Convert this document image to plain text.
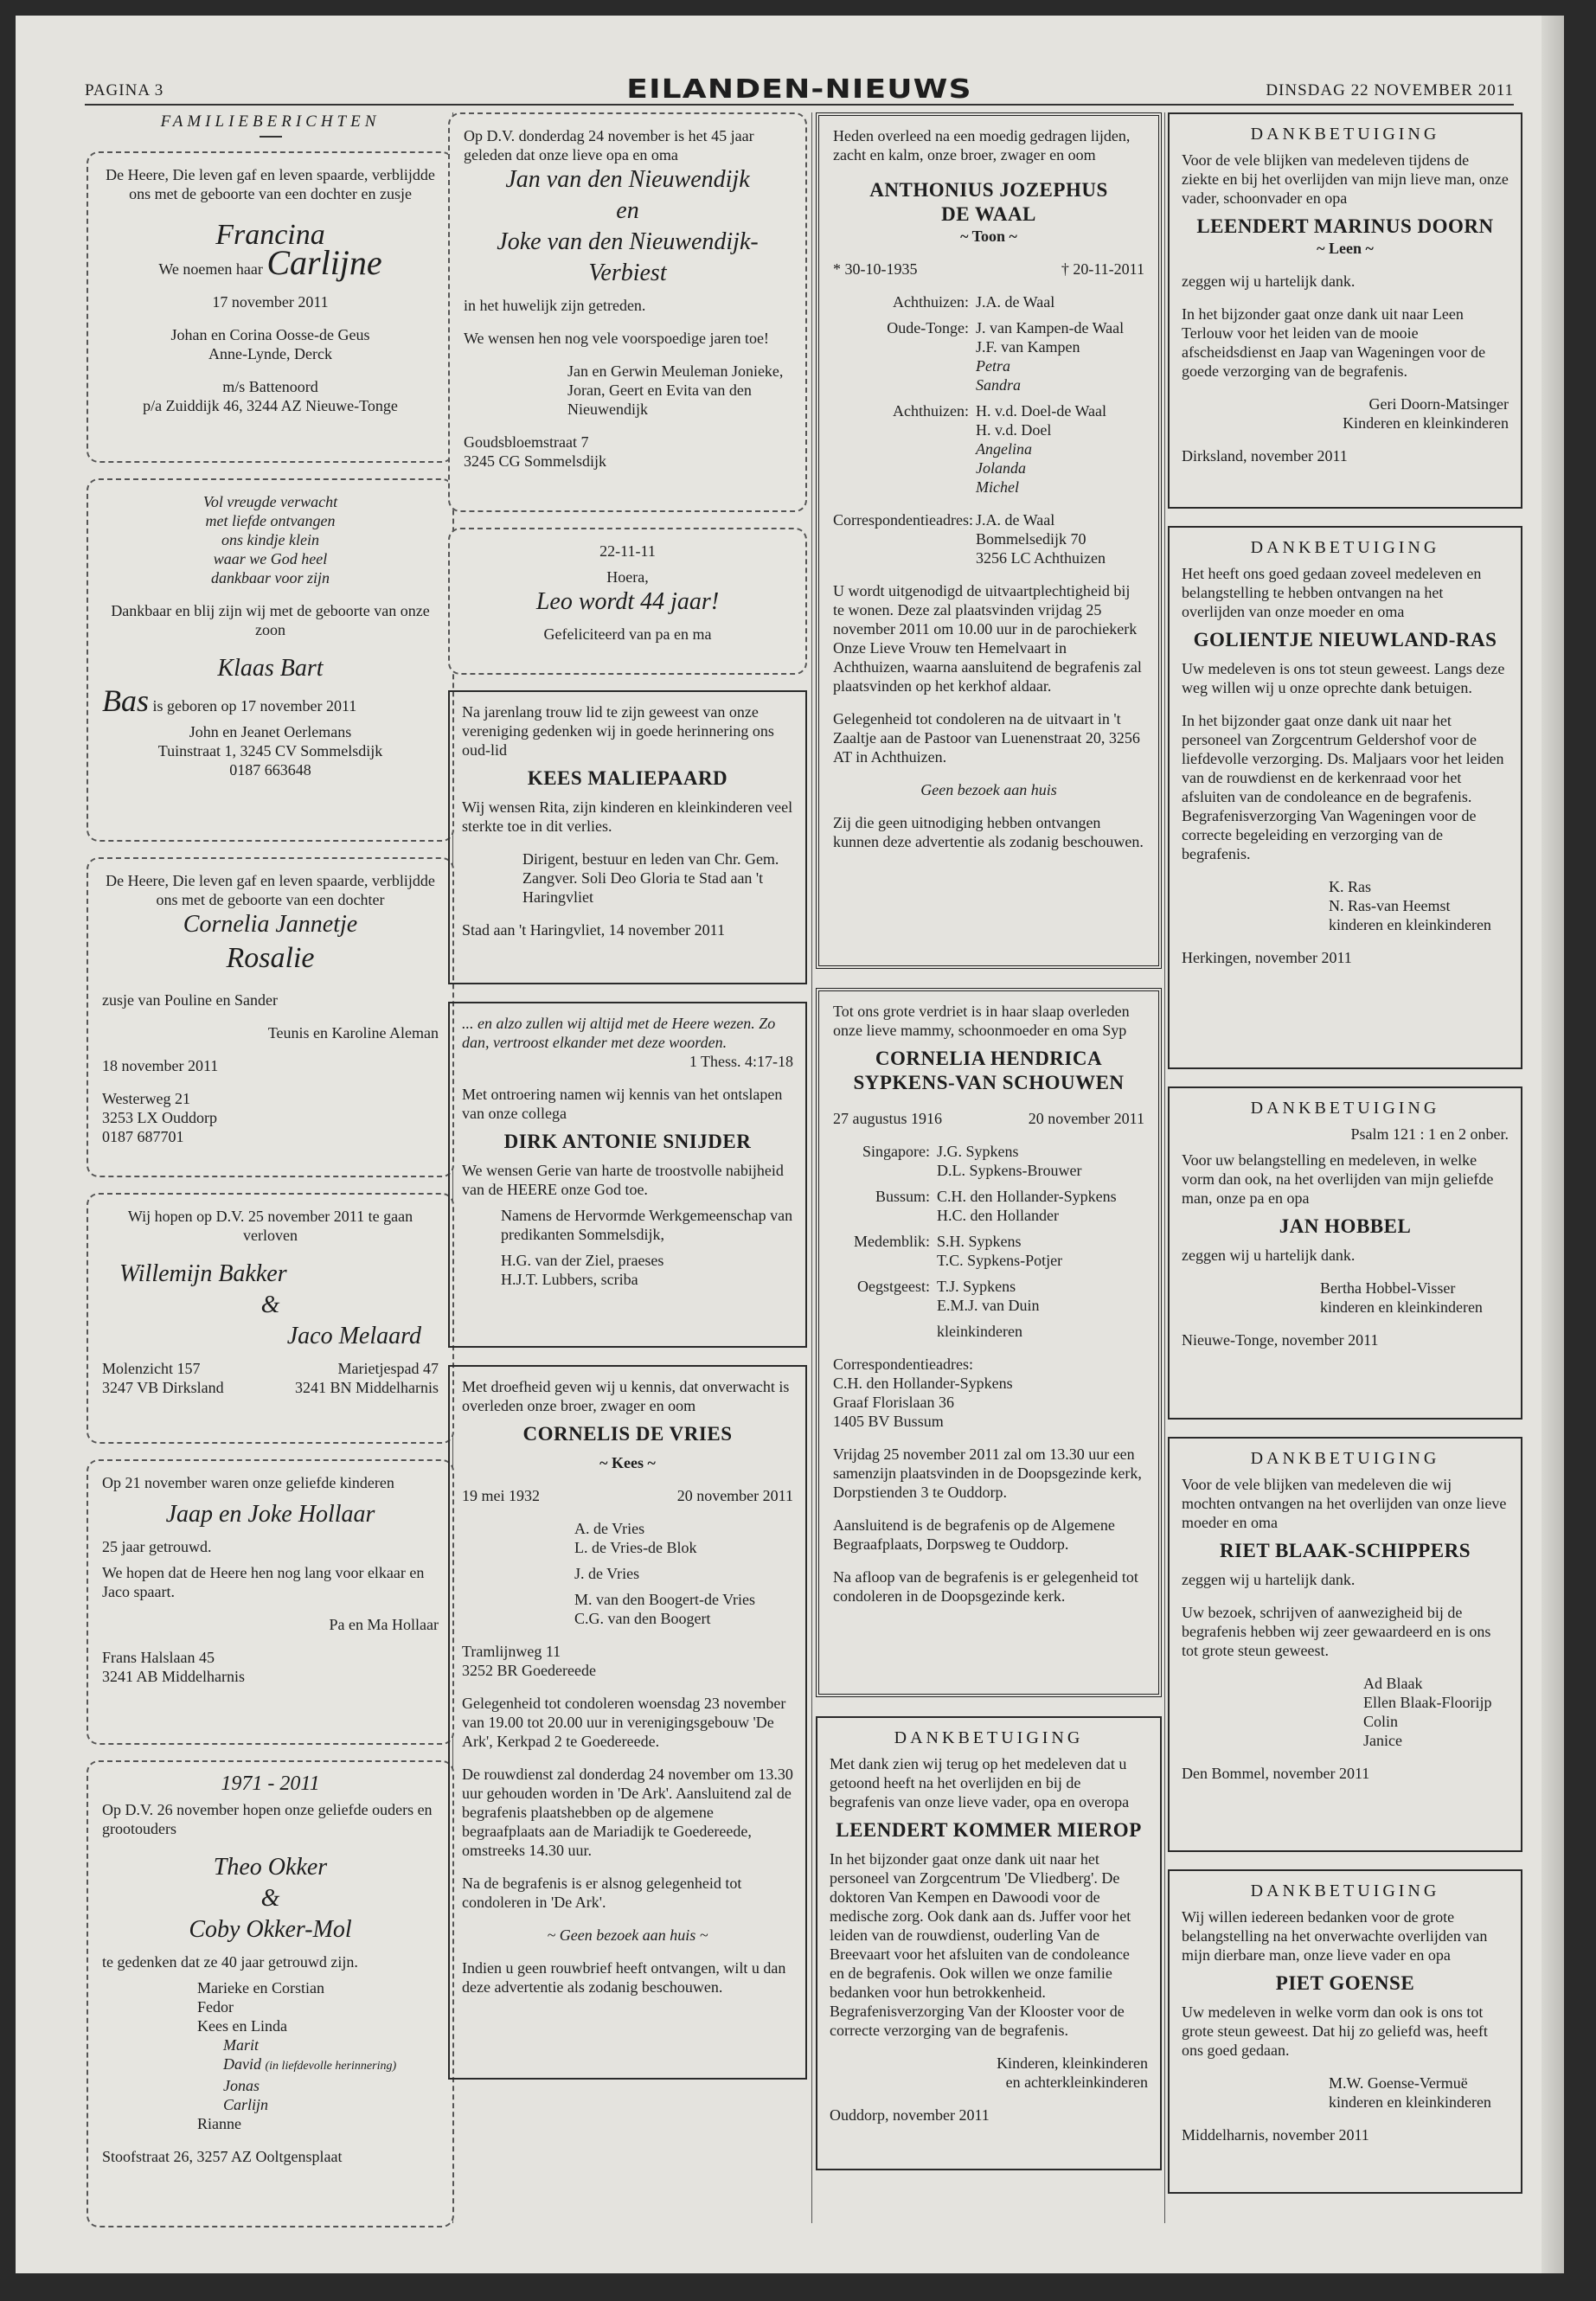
PAGINA 3	EILANDEN-NIEUWS	DINSDAG 22 NOVEMBER 2011
FAMILIEBERICHTEN
De Heere, Die leven gaf en leven spaarde, verblijdde ons met de geboorte van een dochter en zusje
Francina
We noemen haar Carlijne
17 november 2011
Johan en Corina Oosse-de Geus
Anne-Lynde, Derck
m/s Battenoord
p/a Zuiddijk 46, 3244 AZ Nieuwe-Tonge
Vol vreugde verwacht
met liefde ontvangen
ons kindje klein
waar we God heel
dankbaar voor zijn
Dankbaar en blij zijn wij met de geboorte van onze zoon
Klaas Bart
Bas is geboren op 17 november 2011
John en Jeanet Oerlemans
Tuinstraat 1, 3245 CV Sommelsdijk
0187 663648
De Heere, Die leven gaf en leven spaarde, verblijdde ons met de geboorte van een dochter
Cornelia Jannetje
Rosalie
zusje van Pouline en Sander
Teunis en Karoline Aleman
18 november 2011
Westerweg 21
3253 LX Ouddorp
0187 687701
Wij hopen op D.V. 25 november 2011 te gaan verloven
Willemijn Bakker
&
Jaco Melaard
Molenzicht 157	Marietjespad 47
3247 VB Dirksland	3241 BN Middelharnis
Op 21 november waren onze geliefde kinderen
Jaap en Joke Hollaar
25 jaar getrouwd.
We hopen dat de Heere hen nog lang voor elkaar en Jaco spaart.
Pa en Ma Hollaar
Frans Halslaan 45
3241 AB Middelharnis
1971 - 2011
Op D.V. 26 november hopen onze geliefde ouders en grootouders
Theo Okker
&
Coby Okker-Mol
te gedenken dat ze 40 jaar getrouwd zijn.
Marieke en Corstian
Fedor
Kees en Linda
Marit
David (in liefdevolle herinnering)
Jonas
Carlijn
Rianne
Stoofstraat 26, 3257 AZ Ooltgensplaat
Op D.V. donderdag 24 november is het 45 jaar geleden dat onze lieve opa en oma
Jan van den Nieuwendijk
en
Joke van den Nieuwendijk-Verbiest
in het huwelijk zijn getreden.
We wensen hen nog vele voorspoedige jaren toe!
Jan en Gerwin Meuleman Jonieke, Joran, Geert en Evita van den Nieuwendijk
Goudsbloemstraat 7
3245 CG Sommelsdijk
22-11-11
Hoera,
Leo wordt 44 jaar!
Gefeliciteerd van pa en ma
Na jarenlang trouw lid te zijn geweest van onze vereniging gedenken wij in goede herinnering ons oud-lid
KEES MALIEPAARD
Wij wensen Rita, zijn kinderen en kleinkinderen veel sterkte toe in dit verlies.
Dirigent, bestuur en leden van Chr. Gem. Zangver. Soli Deo Gloria te Stad aan 't Haringvliet
Stad aan 't Haringvliet, 14 november 2011
... en alzo zullen wij altijd met de Heere wezen. Zo dan, vertroost elkander met deze woorden.
1 Thess. 4:17-18
Met ontroering namen wij kennis van het ontslapen van onze collega
DIRK ANTONIE SNIJDER
We wensen Gerie van harte de troostvolle nabijheid van de HEERE onze God toe.
Namens de Hervormde Werkgemeenschap van predikanten Sommelsdijk,
H.G. van der Ziel, praeses
H.J.T. Lubbers, scriba
Met droefheid geven wij u kennis, dat onverwacht is overleden onze broer, zwager en oom
CORNELIS DE VRIES
~ Kees ~
19 mei 1932	20 november 2011
A. de Vries
L. de Vries-de Blok
J. de Vries
M. van den Boogert-de Vries
C.G. van den Boogert
Tramlijnweg 11
3252 BR Goedereede
Gelegenheid tot condoleren woensdag 23 november van 19.00 tot 20.00 uur in verenigingsgebouw 'De Ark', Kerkpad 2 te Goedereede.
De rouwdienst zal donderdag 24 november om 13.30 uur gehouden worden in 'De Ark'. Aansluitend zal de begrafenis plaatshebben op de algemene begraafplaats aan de Mariadijk te Goedereede, omstreeks 14.30 uur.
Na de begrafenis is er alsnog gelegenheid tot condoleren in 'De Ark'.
~ Geen bezoek aan huis ~
Indien u geen rouwbrief heeft ontvangen, wilt u dan deze advertentie als zodanig beschouwen.
Heden overleed na een moedig gedragen lijden, zacht en kalm, onze broer, zwager en oom
ANTHONIUS JOZEPHUS
DE WAAL
~ Toon ~
* 30-10-1935	† 20-11-2011
Achthuizen: J.A. de Waal
Oude-Tonge: J. van Kampen-de Waal
J.F. van Kampen
Petra
Sandra
Achthuizen: H. v.d. Doel-de Waal
H. v.d. Doel
Angelina
Jolanda
Michel
Correspondentieadres: J.A. de Waal
Bommelsedijk 70
3256 LC Achthuizen
U wordt uitgenodigd de uitvaartplechtigheid bij te wonen. Deze zal plaatsvinden vrijdag 25 november 2011 om 10.00 uur in de parochiekerk Onze Lieve Vrouw ten Hemelvaart in Achthuizen, waarna aansluitend de begrafenis zal plaatsvinden op het kerkhof aldaar.
Gelegenheid tot condoleren na de uitvaart in 't Zaaltje aan de Pastoor van Luenenstraat 20, 3256 AT in Achthuizen.
Geen bezoek aan huis
Zij die geen uitnodiging hebben ontvangen kunnen deze advertentie als zodanig beschouwen.
Tot ons grote verdriet is in haar slaap overleden onze lieve mammy, schoonmoeder en oma Syp
CORNELIA HENDRICA
SYPKENS-VAN SCHOUWEN
27 augustus 1916	20 november 2011
Singapore: J.G. Sypkens
D.L. Sypkens-Brouwer
Bussum: C.H. den Hollander-Sypkens
H.C. den Hollander
Medemblik: S.H. Sypkens
T.C. Sypkens-Potjer
Oegstgeest: T.J. Sypkens
E.M.J. van Duin
kleinkinderen
Correspondentieadres:
C.H. den Hollander-Sypkens
Graaf Florislaan 36
1405 BV Bussum
Vrijdag 25 november 2011 zal om 13.30 uur een samenzijn plaatsvinden in de Doopsgezinde kerk, Dorpstienden 3 te Ouddorp.
Aansluitend is de begrafenis op de Algemene Begraafplaats, Dorpsweg te Ouddorp.
Na afloop van de begrafenis is er gelegenheid tot condoleren in de Doopsgezinde kerk.
DANKBETUIGING
Met dank zien wij terug op het medeleven dat u getoond heeft na het overlijden en bij de begrafenis van onze lieve vader, opa en overopa
LEENDERT KOMMER MIEROP
In het bijzonder gaat onze dank uit naar het personeel van Zorgcentrum 'De Vliedberg'. De doktoren Van Kempen en Dawoodi voor de medische zorg. Ook dank aan ds. Juffer voor het leiden van de rouwdienst, ouderling Van de Breevaart voor het afsluiten van de condoleance en de begrafenis. Ook willen we onze familie bedanken voor hun betrokkenheid. Begrafenisverzorging Van der Klooster voor de correcte verzorging van de begrafenis.
Kinderen, kleinkinderen
en achterkleinkinderen
Ouddorp, november 2011
DANKBETUIGING
Voor de vele blijken van medeleven tijdens de ziekte en bij het overlijden van mijn lieve man, onze vader, schoonvader en opa
LEENDERT MARINUS DOORN
~ Leen ~
zeggen wij u hartelijk dank.
In het bijzonder gaat onze dank uit naar Leen Terlouw voor het leiden van de mooie afscheidsdienst en Jaap van Wageningen voor de goede verzorging van de begrafenis.
Geri Doorn-Matsinger
Kinderen en kleinkinderen
Dirksland, november 2011
DANKBETUIGING
Het heeft ons goed gedaan zoveel medeleven en belangstelling te hebben ontvangen na het overlijden van onze moeder en oma
GOLIENTJE NIEUWLAND-RAS
Uw medeleven is ons tot steun geweest. Langs deze weg willen wij u onze oprechte dank betuigen.
In het bijzonder gaat onze dank uit naar het personeel van Zorgcentrum Geldershof voor de liefdevolle verzorging. Ds. Maljaars voor het leiden van de rouwdienst en de kerkenraad voor het afsluiten van de condoleance en de begrafenis. Begrafenisverzorging Van Wageningen voor de correcte begeleiding en verzorging van de begrafenis.
K. Ras
N. Ras-van Heemst
kinderen en kleinkinderen
Herkingen, november 2011
DANKBETUIGING
Psalm 121 : 1 en 2 onber.
Voor uw belangstelling en medeleven, in welke vorm dan ook, na het overlijden van mijn geliefde man, onze pa en opa
JAN HOBBEL
zeggen wij u hartelijk dank.
Bertha Hobbel-Visser
kinderen en kleinkinderen
Nieuwe-Tonge, november 2011
DANKBETUIGING
Voor de vele blijken van medeleven die wij mochten ontvangen na het overlijden van onze lieve moeder en oma
RIET BLAAK-SCHIPPERS
zeggen wij u hartelijk dank.
Uw bezoek, schrijven of aanwezigheid bij de begrafenis hebben wij zeer gewaardeerd en is ons tot grote steun geweest.
Ad Blaak
Ellen Blaak-Floorijp
Colin
Janice
Den Bommel, november 2011
DANKBETUIGING
Wij willen iedereen bedanken voor de grote belangstelling na het onverwachte overlijden van mijn dierbare man, onze lieve vader en opa
PIET GOENSE
Uw medeleven in welke vorm dan ook is ons tot grote steun geweest. Dat hij zo geliefd was, heeft ons goed gedaan.
M.W. Goense-Vermuë
kinderen en kleinkinderen
Middelharnis, november 2011
